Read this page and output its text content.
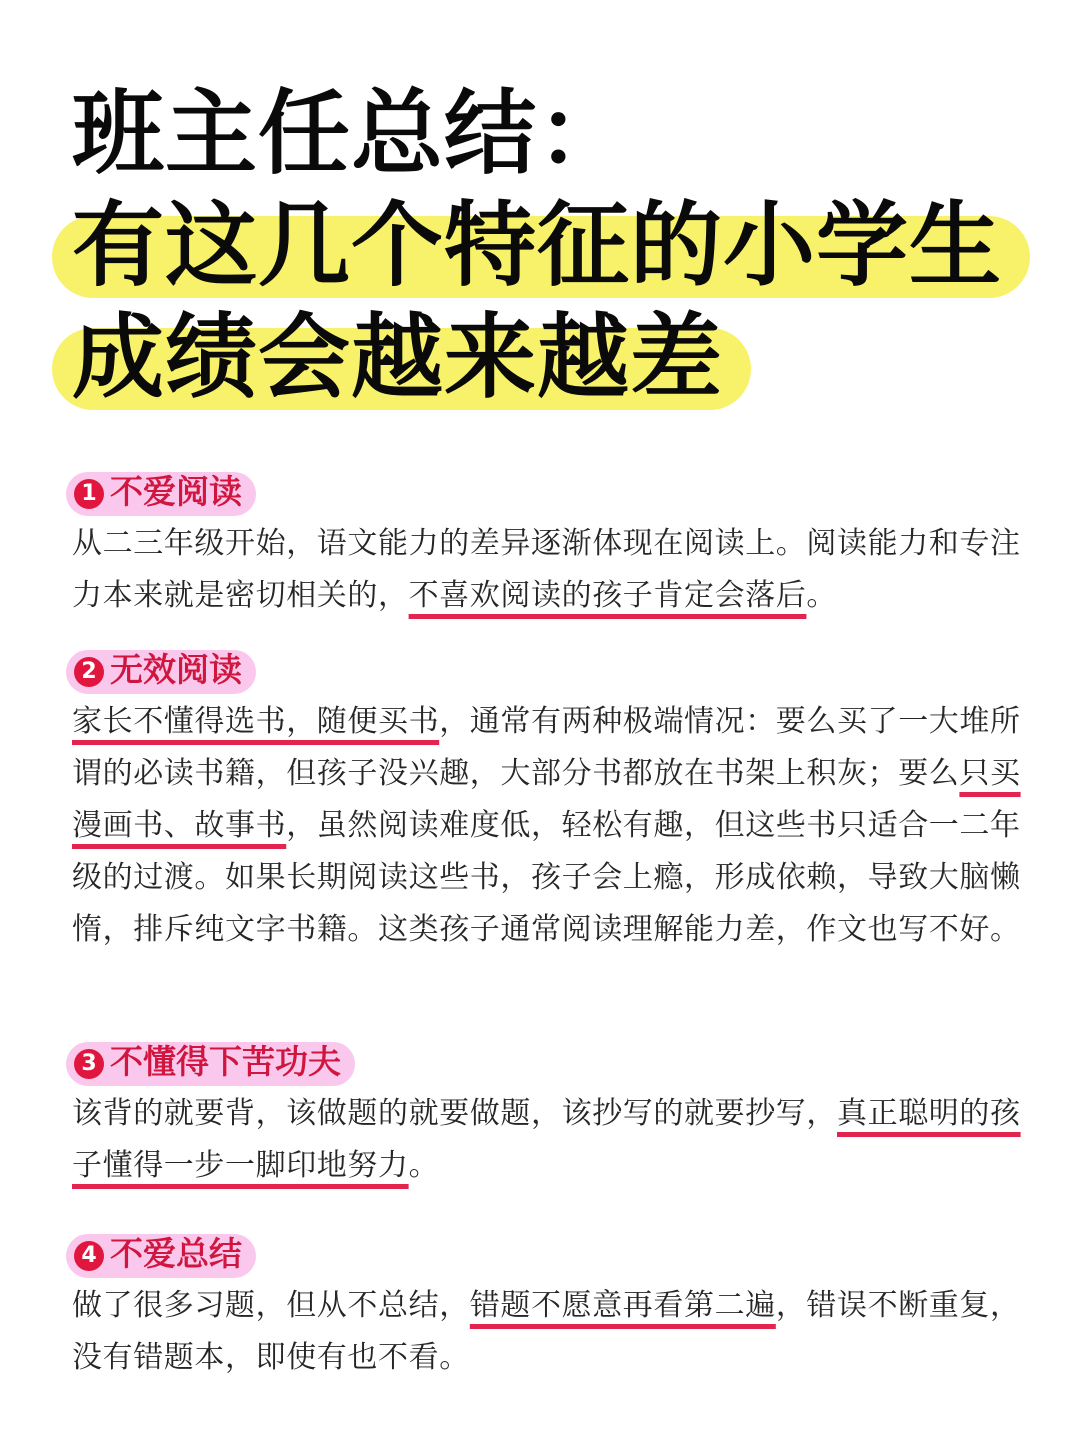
班主任总结：
有这几个特征的小学生
成绩会越来越差
1 不爱阅读
从二三年级开始，语文能力的差异逐渐体现在阅读上。阅读能力和专注力本来就是密切相关的，不喜欢阅读的孩子肯定会落后。
2 无效阅读
家长不懂得选书，随便买书，通常有两种极端情况：要么买了一大堆所谓的必读书籍，但孩子没兴趣，大部分书都放在书架上积灰；要么只买漫画书、故事书，虽然阅读难度低，轻松有趣，但这些书只适合一二年级的过渡。如果长期阅读这些书，孩子会上瘾，形成依赖，导致大脑懒惰，排斥纯文字书籍。这类孩子通常阅读理解能力差，作文也写不好。
3 不懂得下苦功夫
该背的就要背，该做题的就要做题，该抄写的就要抄写，真正聪明的孩子懂得一步一脚印地努力。
4 不爱总结
做了很多习题，但从不总结，错题不愿意再看第二遍，错误不断重复，没有错题本，即使有也不看。
